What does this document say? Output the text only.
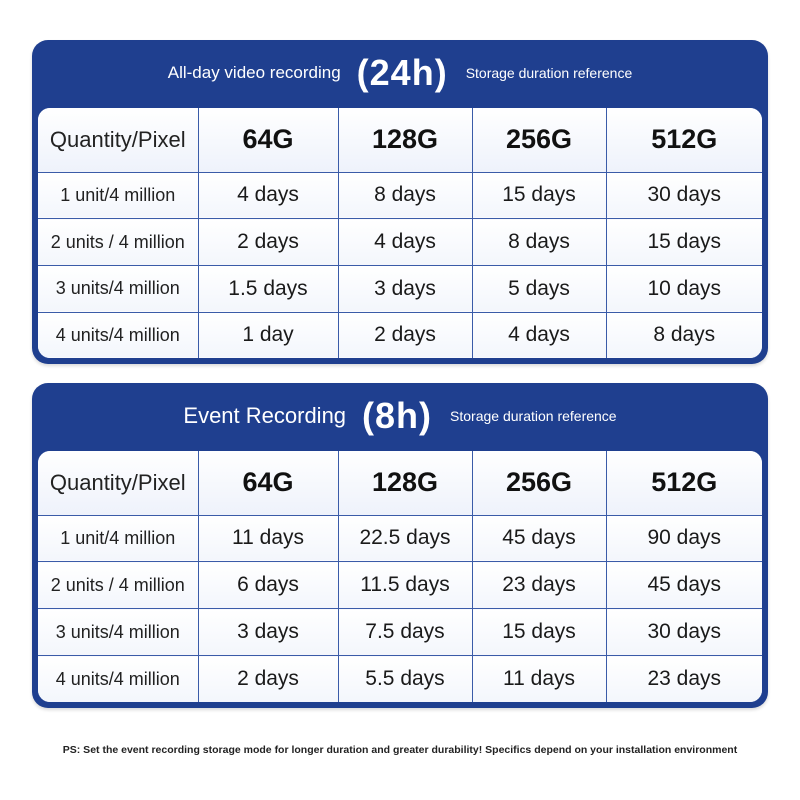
All-day video recording (24h) Storage duration reference
Quantity/Pixel	64G	128G	256G	512G
1 unit/4 million	4 days	8 days	15 days	30 days
2 units / 4 million	2 days	4 days	8 days	15 days
3 units/4 million	1.5 days	3 days	5 days	10 days
4 units/4 million	1 day	2 days	4 days	8 days
Event Recording (8h) Storage duration reference
Quantity/Pixel	64G	128G	256G	512G
1 unit/4 million	11 days	22.5 days	45 days	90 days
2 units / 4 million	6 days	11.5 days	23 days	45 days
3 units/4 million	3 days	7.5 days	15 days	30 days
4 units/4 million	2 days	5.5 days	11 days	23 days
PS: Set the event recording storage mode for longer duration and greater durability! Specifics depend on your installation environment
